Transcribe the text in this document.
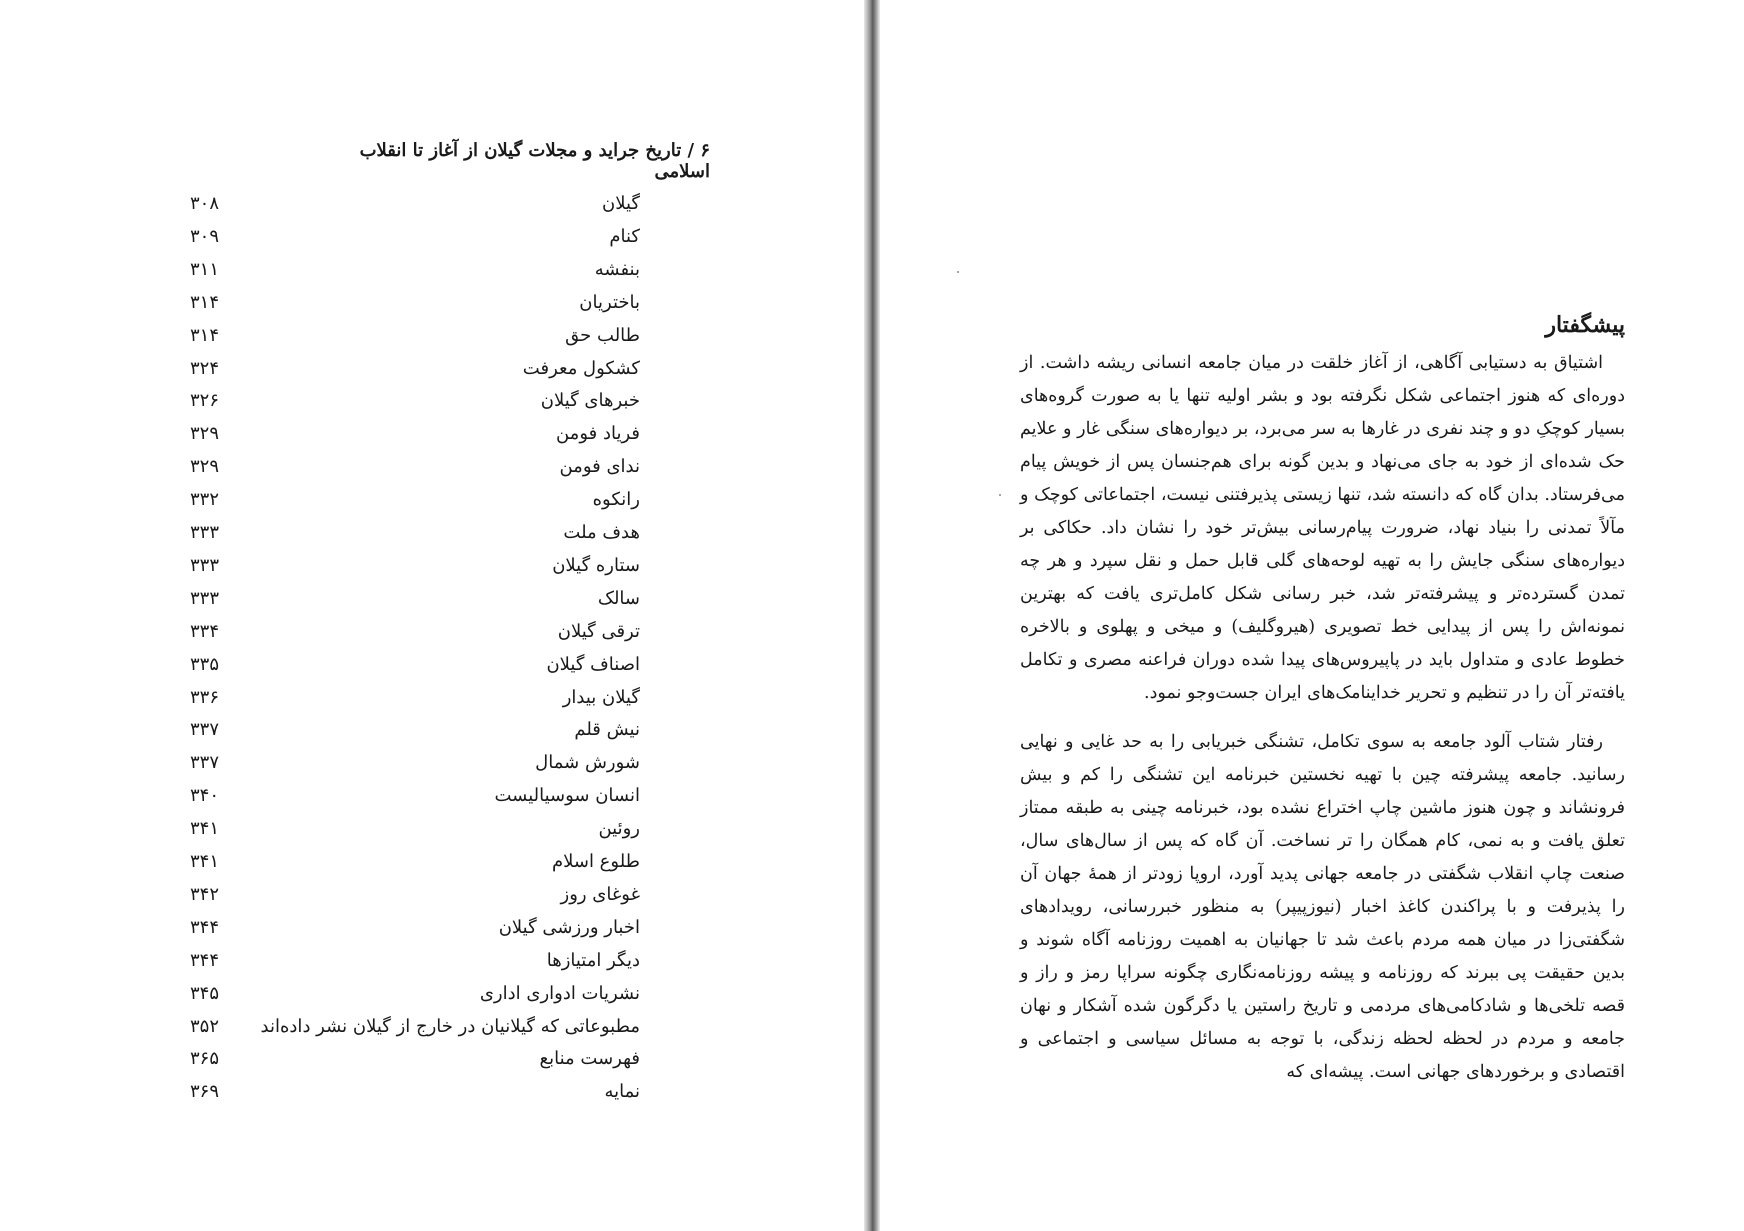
۶ / تاریخ جراید و مجلات گیلان از آغاز تا انقلاب اسلامی
گیلان
۳۰۸
کنام
۳۰۹
بنفشه
۳۱۱
باختریان
۳۱۴
طالب حق
۳۱۴
کشکول معرفت
۳۲۴
خبرهای گیلان
۳۲۶
فریاد فومن
۳۲۹
ندای فومن
۳۲۹
رانکوه
۳۳۲
هدف ملت
۳۳۳
ستاره گیلان
۳۳۳
سالک
۳۳۳
ترقی گیلان
۳۳۴
اصناف گیلان
۳۳۵
گیلان بیدار
۳۳۶
نیش قلم
۳۳۷
شورش شمال
۳۳۷
انسان سوسیالیست
۳۴۰
روئین
۳۴۱
طلوع اسلام
۳۴۱
غوغای روز
۳۴۲
اخبار ورزشی گیلان
۳۴۴
دیگر امتیازها
۳۴۴
نشریات ادواری اداری
۳۴۵
مطبوعاتی که گیلانیان در خارج از گیلان نشر داده‌اند
۳۵۲
فهرست منابع
۳۶۵
نمایه
۳۶۹
پیشگفتار

اشتیاق به دستیابی آگاهی، از آغاز خلقت در میان جامعه انسانی ریشه داشت. از دوره‌ای که هنوز اجتماعی شکل نگرفته بود و بشر اولیه تنها یا به صورت گروه‌های بسیار کوچکِ دو و چند نفری در غارها به سر می‌برد، بر دیواره‌های سنگی غار و علایم حک شده‌ای از خود به جای می‌نهاد و بدین گونه برای هم‌جنسان پس از خویش پیام می‌فرستاد. بدان گاه که دانسته شد، تنها زیستی پذیرفتنی نیست، اجتماعاتی کوچک و مآلاً تمدنی را بنیاد نهاد، ضرورت پیام‌رسانی بیش‌تر خود را نشان داد. حکاکی بر دیواره‌های سنگی جایش را به تهیه لوحه‌های گلی قابل حمل و نقل سپرد و هر چه تمدن گسترده‌تر و پیشرفته‌تر شد، خبر رسانی شکل کامل‌تری یافت که بهترین نمونه‌اش را پس از پیدایی خط تصویری (هیروگلیف) و میخی و پهلوی و بالاخره خطوط عادی و متداول باید در پاپیروس‌های پیدا شده دوران فراعنه مصری و تکامل یافته‌تر آن را در تنظیم و تحریر خداینامک‌های ایران جست‌وجو نمود.

رفتار شتاب آلود جامعه به سوی تکامل، تشنگی خبریابی را به حد غایی و نهایی رسانید. جامعه پیشرفته چین با تهیه نخستین خبرنامه این تشنگی را کم و بیش فرونشاند و چون هنوز ماشین چاپ اختراع نشده بود، خبرنامه چینی به طبقه ممتاز تعلق یافت و به نمی، کام همگان را تر نساخت. آن گاه که پس از سال‌های سال، صنعت چاپ انقلاب شگفتی در جامعه جهانی پدید آورد، اروپا زودتر از همهٔ جهان آن را پذیرفت و با پراکندن کاغذ اخبار (نیوزپیپر) به منظور خبررسانی، رویدادهای شگفتی‌زا در میان همه مردم باعث شد تا جهانیان به اهمیت روزنامه آگاه شوند و بدین حقیقت پی ببرند که روزنامه و پیشه روزنامه‌نگاری چگونه سراپا رمز و راز و قصه تلخی‌ها و شادکامی‌های مردمی و تاریخ راستین یا دگرگون شده آشکار و نهان جامعه و مردم در لحظه لحظه زندگی، با توجه به مسائل سیاسی و اجتماعی و اقتصادی و برخوردهای جهانی است. پیشه‌ای که
